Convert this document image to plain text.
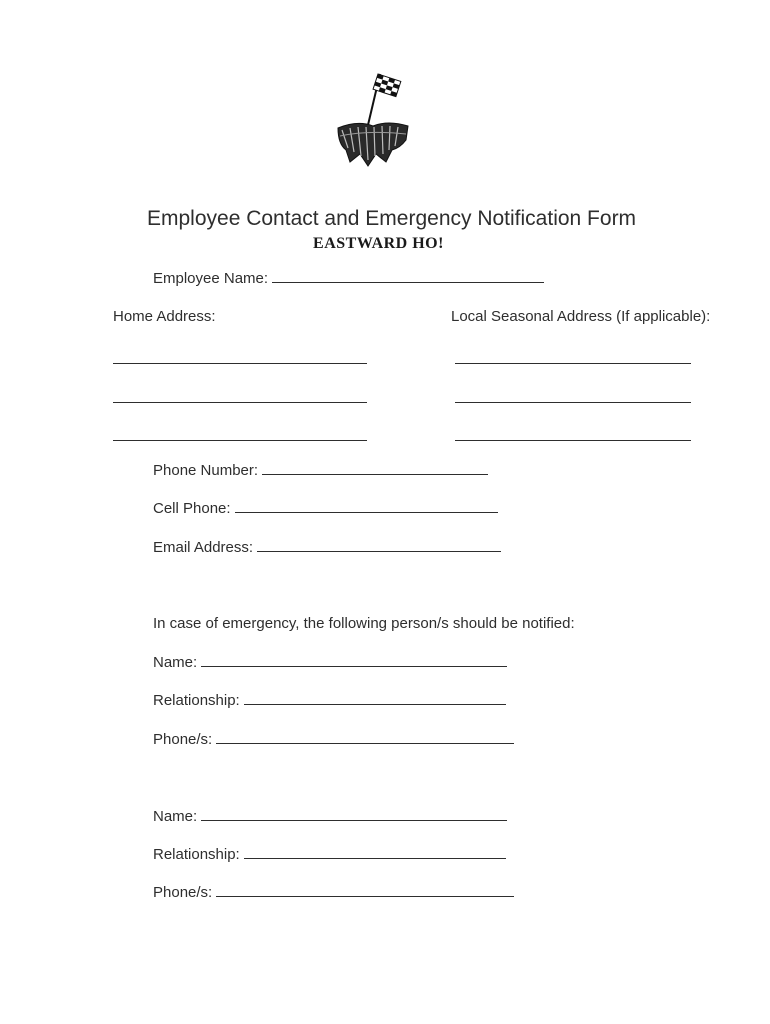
EASTWARD HO!
Employee Contact and Emergency Notification Form
Employee Name:
Home Address:	Local Seasonal Address (If applicable):
Phone Number:
Cell Phone:
Email Address:
In case of emergency, the following person/s should be notified:
Name:
Relationship:
Phone/s:
Name:
Relationship:
Phone/s:
